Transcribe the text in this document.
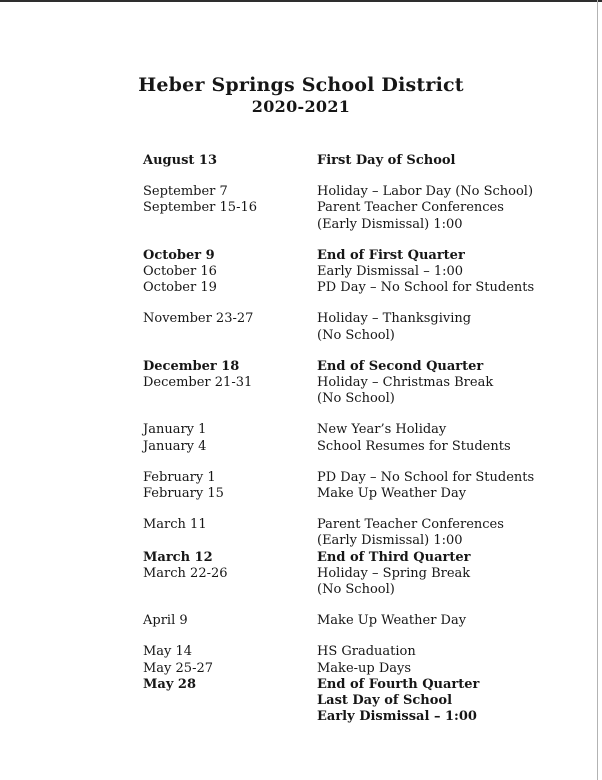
Heber Springs School District
2020-2021
August 13	First Day of School
September 7	Holiday – Labor Day (No School)
September 15-16	Parent Teacher Conferences
(Early Dismissal) 1:00
October 9	End of First Quarter
October 16	Early Dismissal – 1:00
October 19	PD Day – No School for Students
November 23-27	Holiday – Thanksgiving
(No School)
December 18	End of Second Quarter
December 21-31	Holiday – Christmas Break
(No School)
January 1	New Year’s Holiday
January 4	School Resumes for Students
February 1	PD Day – No School for Students
February 15	Make Up Weather Day
March 11	Parent Teacher Conferences
(Early Dismissal) 1:00
March 12	End of Third Quarter
March 22-26	Holiday – Spring Break
(No School)
April 9	Make Up Weather Day
May 14	HS Graduation
May 25-27	Make-up Days
May 28	End of Fourth Quarter
Last Day of School
Early Dismissal – 1:00
